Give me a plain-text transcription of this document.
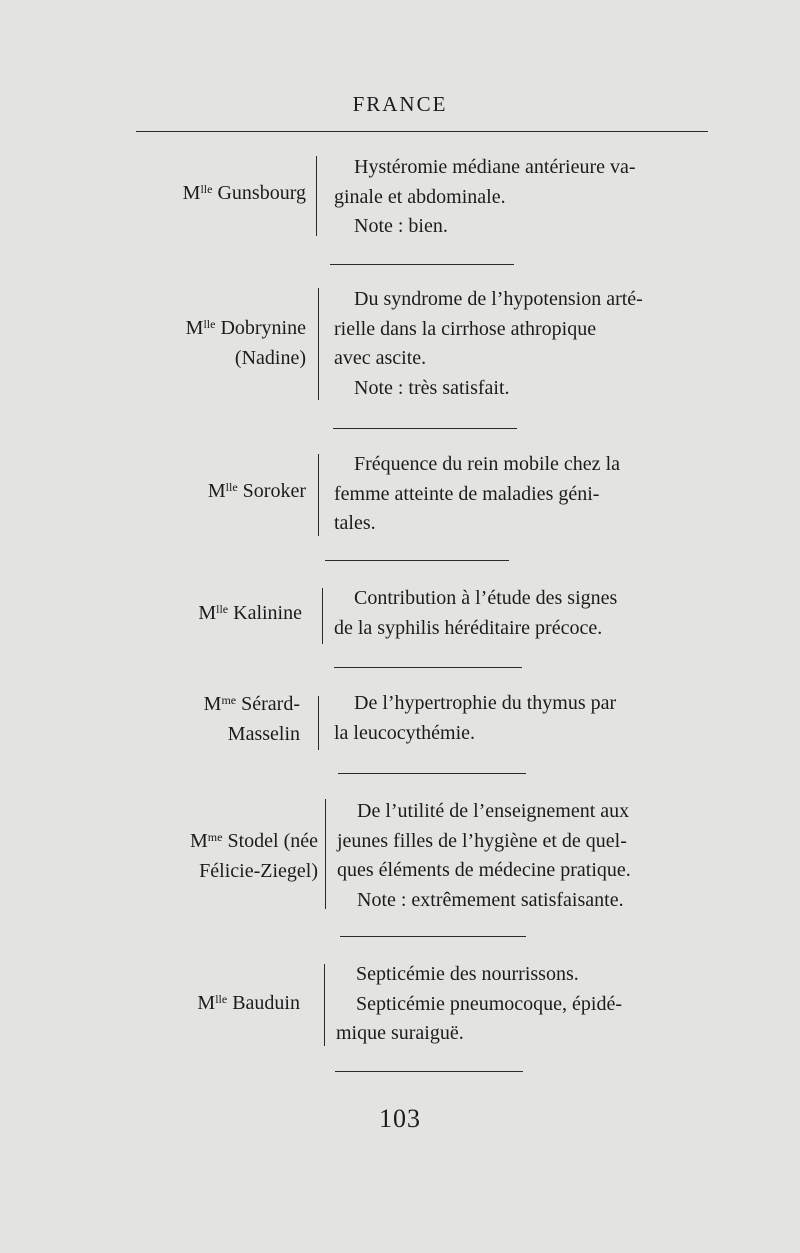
FRANCE
$M^{lle}$ Gunsbourg
Hystéromie médiane antérieure va-
ginale et abdominale.
Note : bien.
$M^{lle}$ Dobrynine
(Nadine)
Du syndrome de l’hypotension arté-
rielle dans la cirrhose athropique
avec ascite.
Note : très satisfait.
$M^{lle}$ Soroker
Fréquence du rein mobile chez la
femme atteinte de maladies géni-
tales.
$M^{lle}$ Kalinine
Contribution à l’étude des signes
de la syphilis héréditaire précoce.
$M^{me}$ Sérard-
Masselin
De l’hypertrophie du thymus par
la leucocythémie.
$M^{me}$ Stodel (née
Félicie-Ziegel)
De l’utilité de l’enseignement aux
jeunes filles de l’hygiène et de quel-
ques éléments de médecine pratique.
Note : extrêmement satisfaisante.
$M^{lle}$ Bauduin
Septicémie des nourrissons.
Septicémie pneumocoque, épidé-
mique suraiguë.
103
